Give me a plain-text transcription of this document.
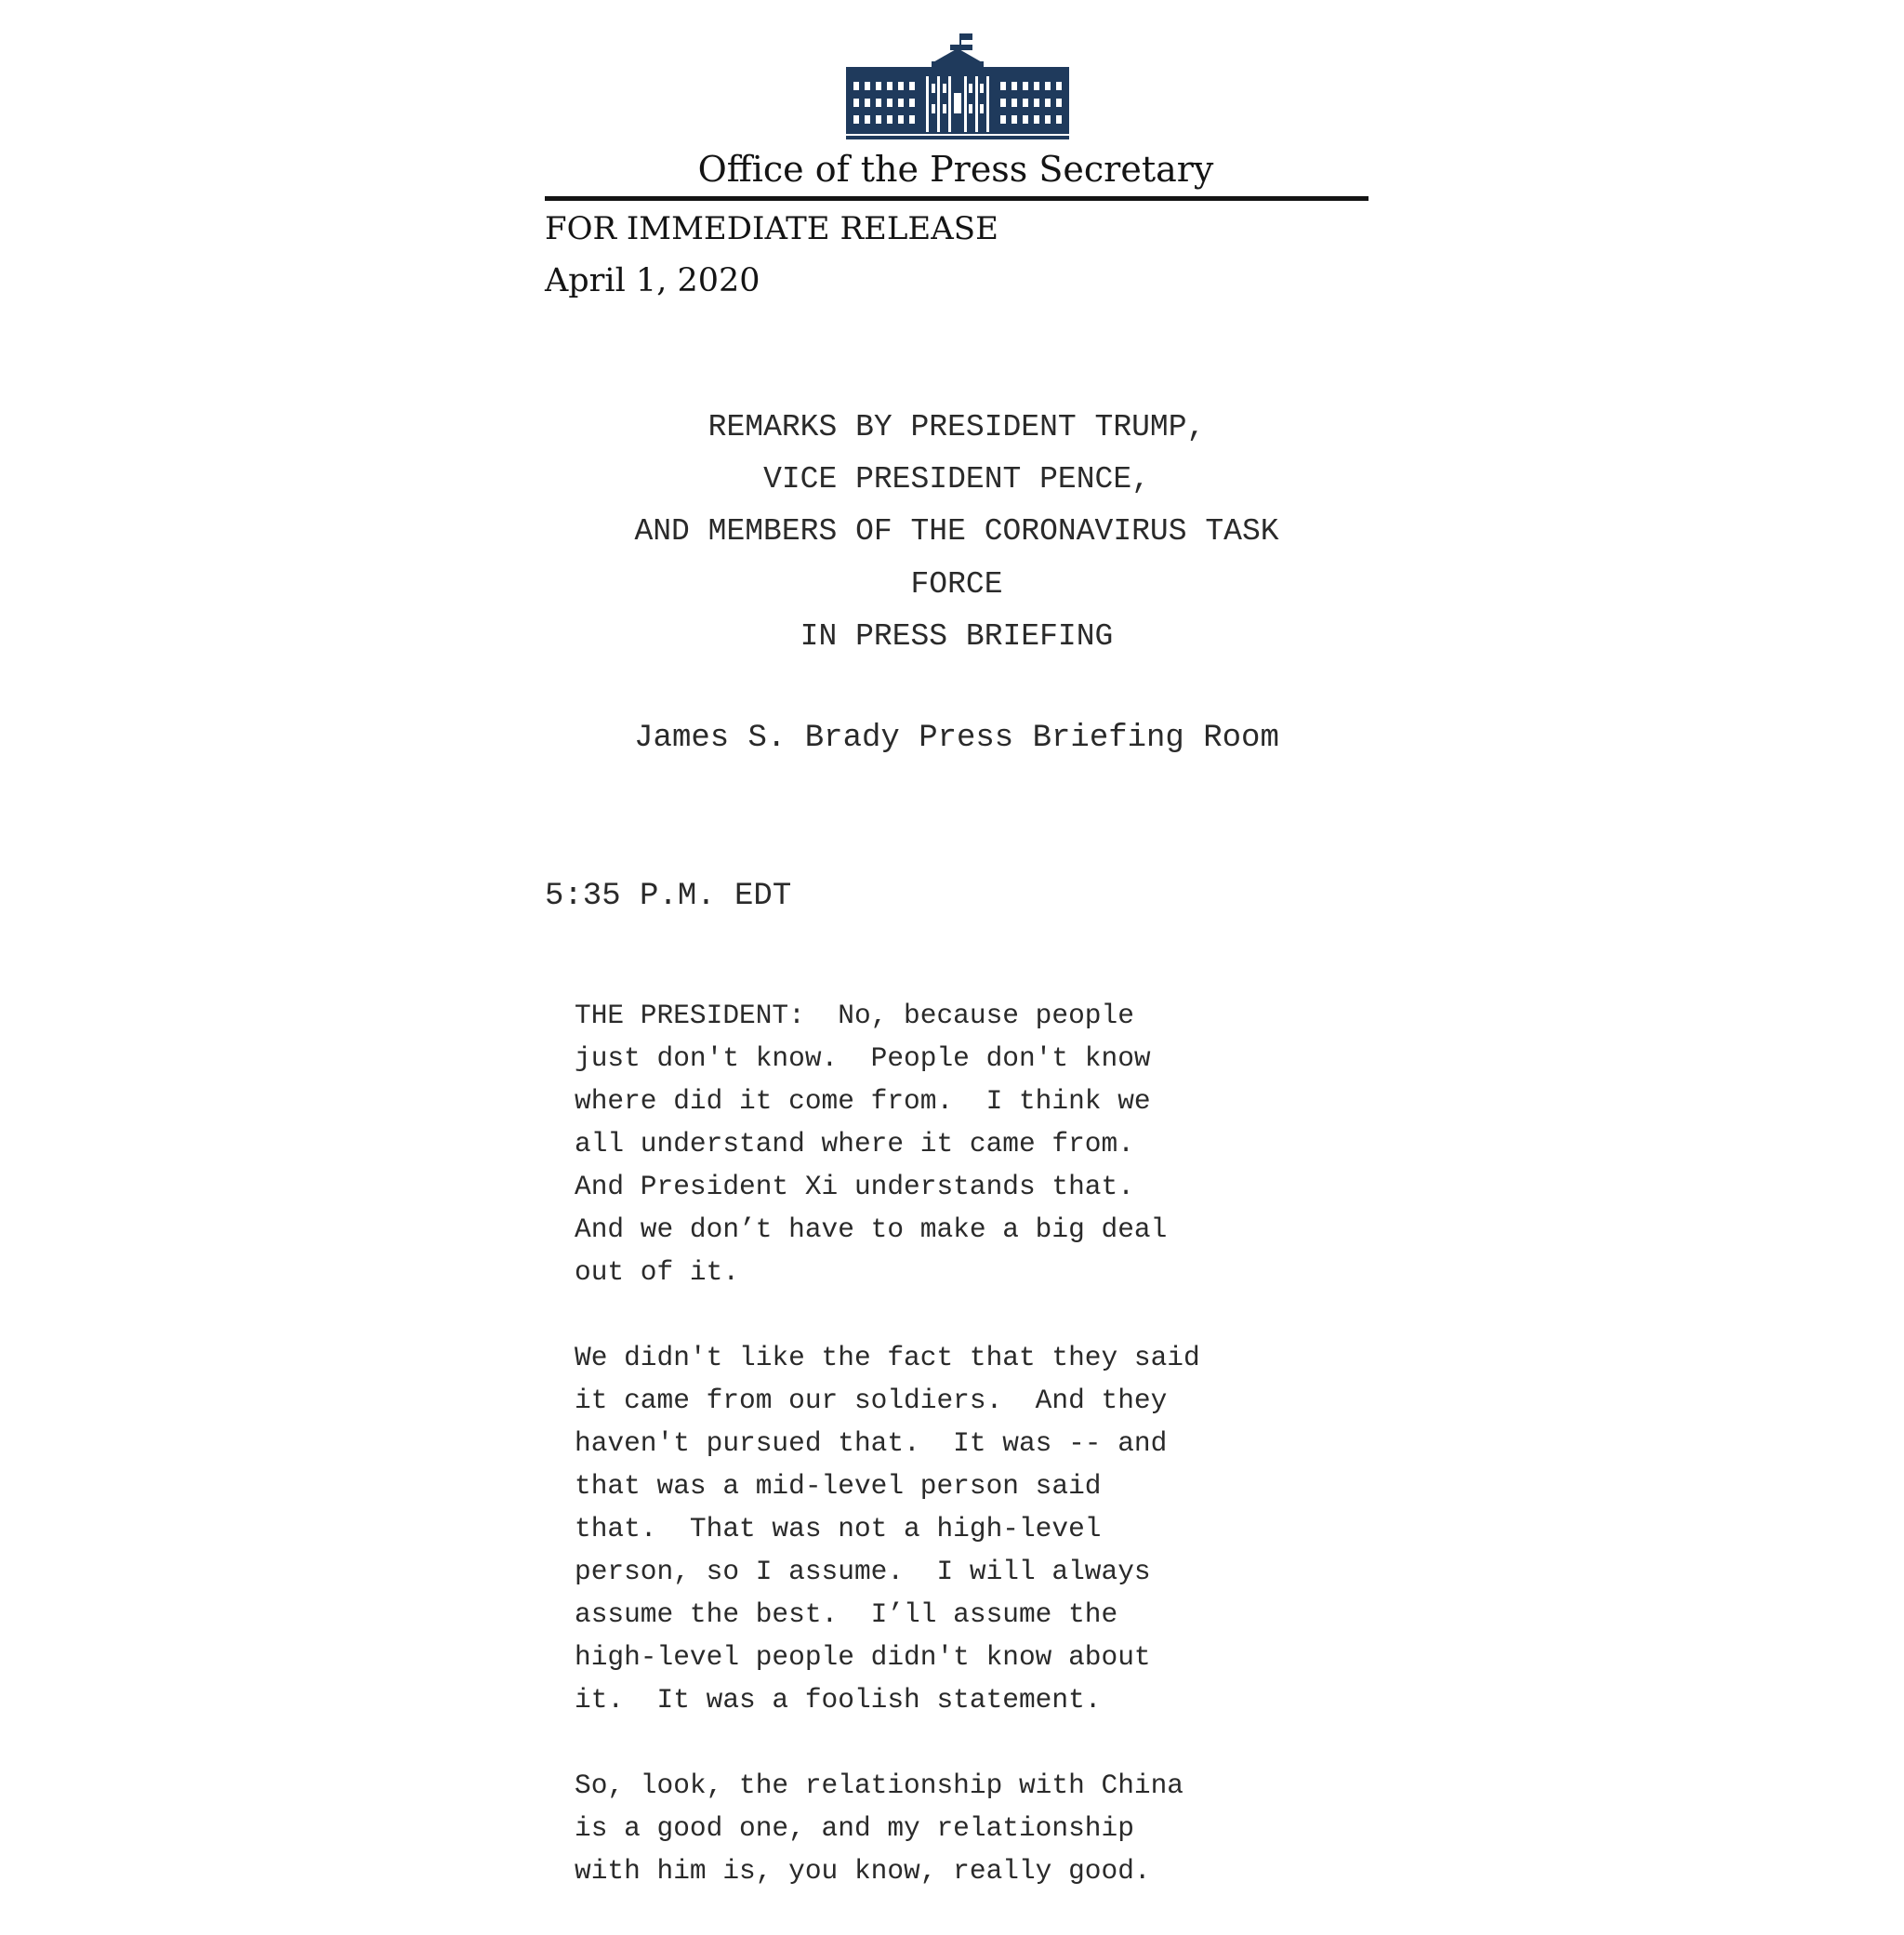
Office of the Press Secretary
FOR IMMEDIATE RELEASE
April 1, 2020
REMARKS BY PRESIDENT TRUMP,
VICE PRESIDENT PENCE,
AND MEMBERS OF THE CORONAVIRUS TASK
FORCE
IN PRESS BRIEFING
James S. Brady Press Briefing Room
5:35 P.M. EDT
THE PRESIDENT:  No, because people
just don't know.  People don't know
where did it come from.  I think we
all understand where it came from.
And President Xi understands that.
And we don’t have to make a big deal
out of it.
We didn't like the fact that they said
it came from our soldiers.  And they
haven't pursued that.  It was -- and
that was a mid-level person said
that.  That was not a high-level
person, so I assume.  I will always
assume the best.  I’ll assume the
high-level people didn't know about
it.  It was a foolish statement.
So, look, the relationship with China
is a good one, and my relationship
with him is, you know, really good.
